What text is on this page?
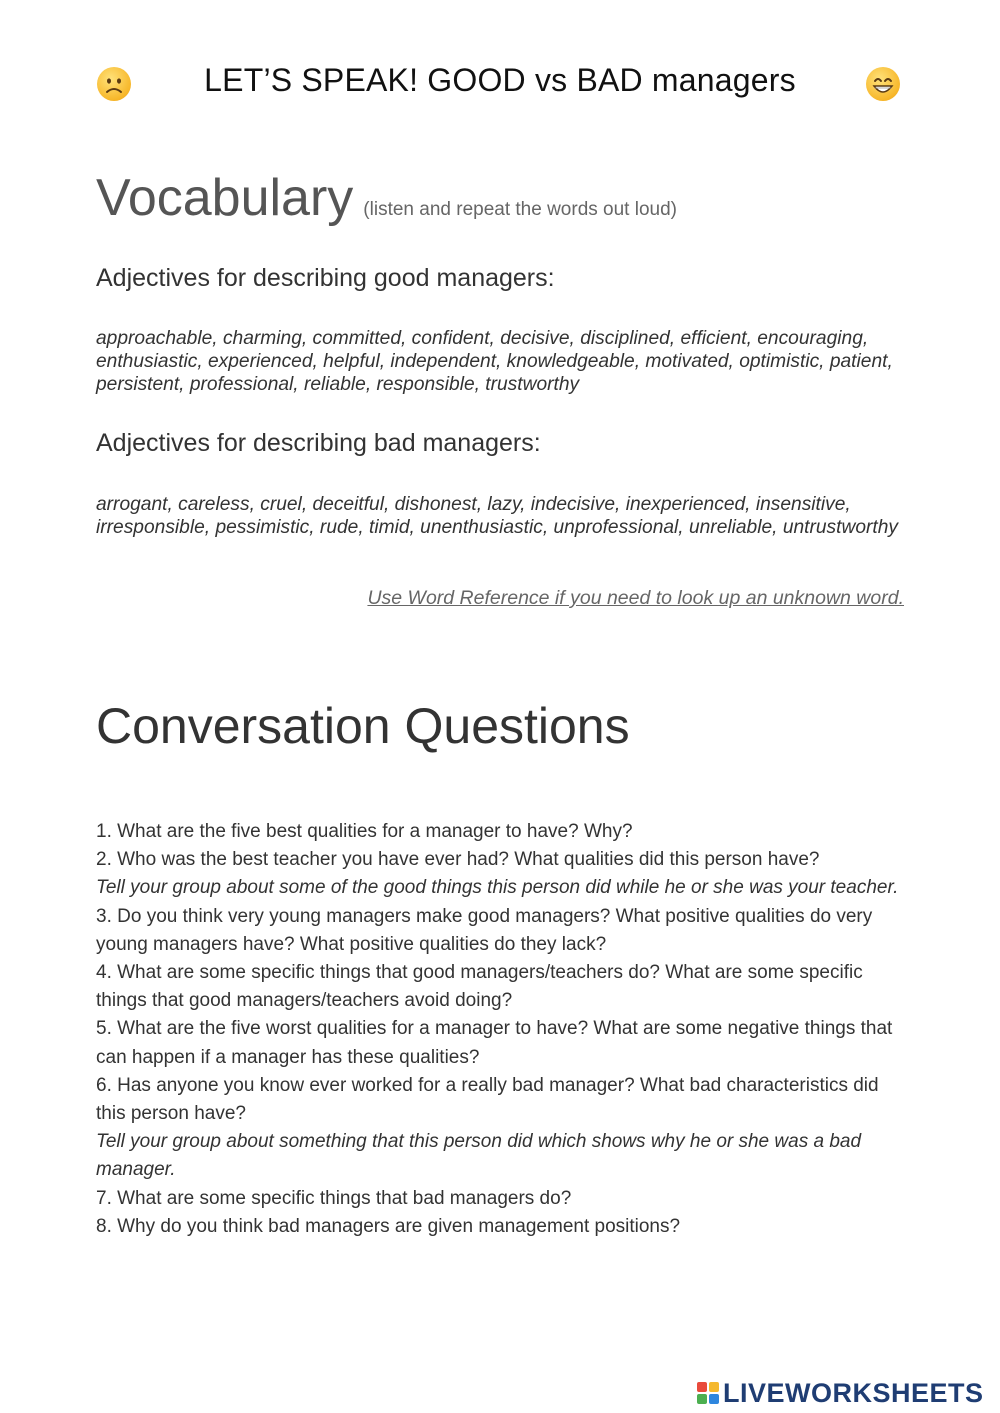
LET’S SPEAK! GOOD vs BAD managers
Vocabulary (listen and repeat the words out loud)
Adjectives for describing good managers:
approachable, charming, committed, confident, decisive, disciplined, efficient, encouraging, enthusiastic, experienced, helpful, independent, knowledgeable, motivated, optimistic, patient, persistent, professional, reliable, responsible, trustworthy
Adjectives for describing bad managers:
arrogant, careless, cruel, deceitful, dishonest, lazy, indecisive, inexperienced, insensitive, irresponsible, pessimistic, rude, timid, unenthusiastic, unprofessional, unreliable, untrustworthy
Use Word Reference if you need to look up an unknown word.
Conversation Questions
1. What are the five best qualities for a manager to have? Why?
2. Who was the best teacher you have ever had? What qualities did this person have?
Tell your group about some of the good things this person did while he or she was your teacher.
3. Do you think very young managers make good managers? What positive qualities do very young managers have? What positive qualities do they lack?
4. What are some specific things that good managers/teachers do? What are some specific things that good managers/teachers avoid doing?
5. What are the five worst qualities for a manager to have? What are some negative things that can happen if a manager has these qualities?
6. Has anyone you know ever worked for a really bad manager? What bad characteristics did this person have?
Tell your group about something that this person did which shows why he or she was a bad manager.
7. What are some specific things that bad managers do?
8. Why do you think bad managers are given management positions?
LIVEWORKSHEETS
